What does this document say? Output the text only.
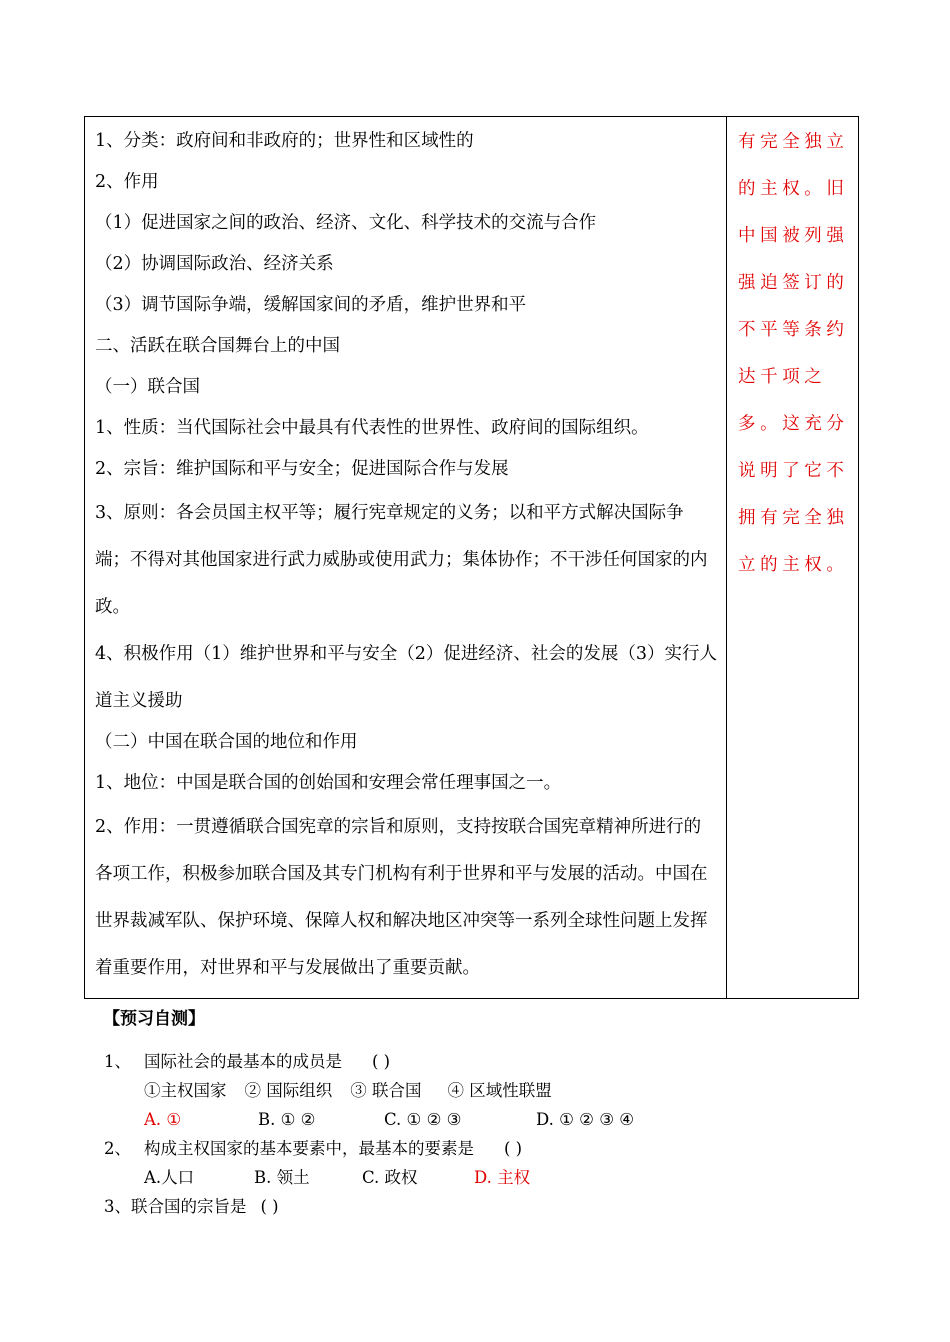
1、分类：政府间和非政府的；世界性和区域性的

2、作用

（1）促进国家之间的政治、经济、文化、科学技术的交流与合作

（2）协调国际政治、经济关系

（3）调节国际争端，缓解国家间的矛盾，维护世界和平

二、活跃在联合国舞台上的中国

（一）联合国

1、性质：当代国际社会中最具有代表性的世界性、政府间的国际组织。

2、宗旨：维护国际和平与安全；促进国际合作与发展

3、原则：各会员国主权平等；履行宪章规定的义务；以和平方式解决国际争端；不得对其他国家进行武力威胁或使用武力；集体协作；不干涉任何国家的内政。

4、积极作用（1）维护世界和平与安全（2）促进经济、社会的发展（3）实行人道主义援助

（二）中国在联合国的地位和作用

1、地位：中国是联合国的创始国和安理会常任理事国之一。

2、作用：一贯遵循联合国宪章的宗旨和原则，支持按联合国宪章精神所进行的各项工作，积极参加联合国及其专门机构有利于世界和平与发展的活动。中国在世界裁减军队、保护环境、保障人权和解决地区冲突等一系列全球性问题上发挥着重要作用，对世界和平与发展做出了重要贡献。

有完全独立的主权。旧中国被列强强迫签订的不平等条约达千项之多。这充分说明了它不拥有完全独立的主权。
【预习自测】
1、 国际社会的最基本的成员是 ( )
①主权国家 ② 国际组织 ③ 联合国 ④ 区域性联盟
A. ①	B. ① ②	C. ① ② ③	D. ① ② ③ ④
2、 构成主权国家的基本要素中，最基本的要素是 ( )
A.人口	B. 领土	C. 政权	D. 主权
3、联合国的宗旨是 ( )
